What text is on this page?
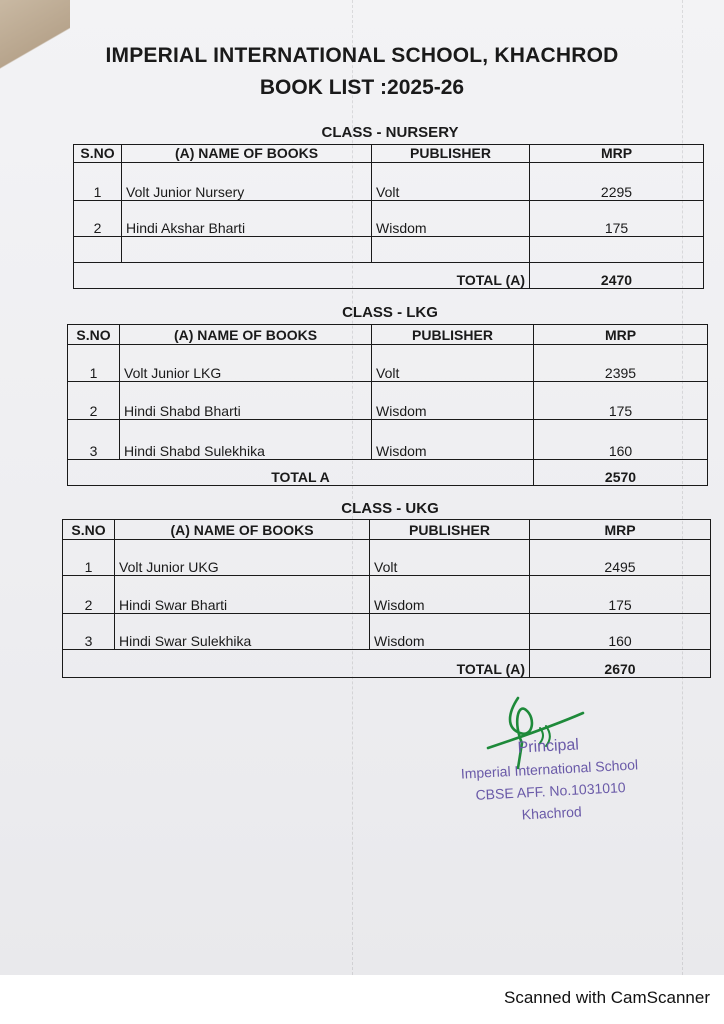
IMPERIAL INTERNATIONAL SCHOOL, KHACHROD
BOOK LIST :2025-26
CLASS - NURSERY
S.NO	(A) NAME OF BOOKS	PUBLISHER	MRP
1	Volt Junior Nursery	Volt	2295
2	Hindi Akshar Bharti	Wisdom	175

TOTAL (A)			2470
CLASS - LKG
S.NO	(A) NAME OF BOOKS	PUBLISHER	MRP
1	Volt Junior LKG	Volt	2395
2	Hindi Shabd Bharti	Wisdom	175
3	Hindi Shabd Sulekhika	Wisdom	160
TOTAL A			2570
CLASS - UKG
S.NO	(A) NAME OF BOOKS	PUBLISHER	MRP
1	Volt Junior UKG	Volt	2495
2	Hindi Swar Bharti	Wisdom	175
3	Hindi Swar Sulekhika	Wisdom	160
TOTAL (A)			2670
Principal
Imperial International School
CBSE AFF. No.1031010
Khachrod
Scanned with CamScanner
